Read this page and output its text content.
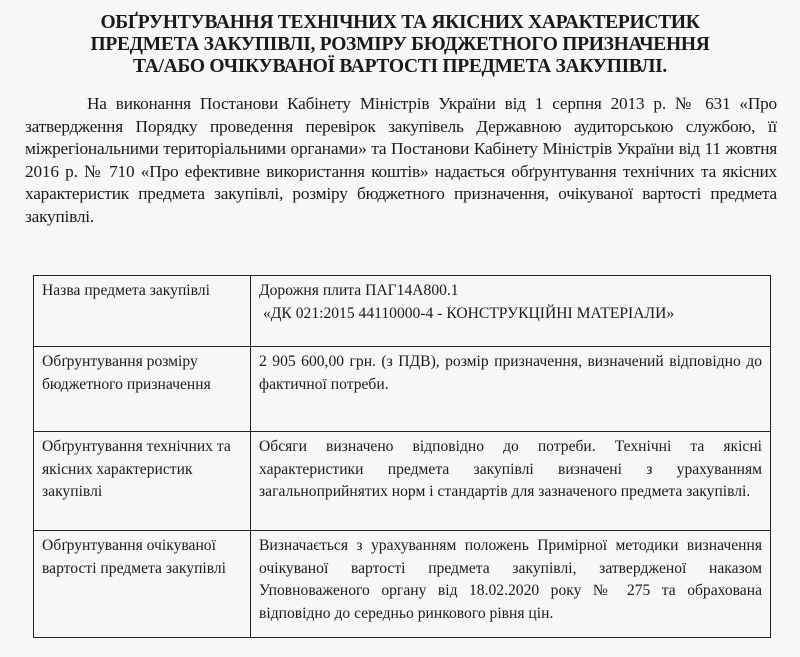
ОБҐРУНТУВАННЯ ТЕХНІЧНИХ ТА ЯКІСНИХ ХАРАКТЕРИСТИК
ПРЕДМЕТА ЗАКУПІВЛІ, РОЗМІРУ БЮДЖЕТНОГО ПРИЗНАЧЕННЯ
ТА/АБО ОЧІКУВАНОЇ ВАРТОСТІ ПРЕДМЕТА ЗАКУПІВЛІ.

На виконання Постанови Кабінету Міністрів України від 1 серпня 2013 р. № 631 «Про затвердження Порядку проведення перевірок закупівель Державною аудиторською службою, її міжрегіональними територіальними органами» та Постанови Кабінету Міністрів України від 11 жовтня 2016 р. № 710 «Про ефективне використання коштів» надається обґрунтування технічних та якісних характеристик предмета закупівлі, розміру бюджетного призначення, очікуваної вартості предмета закупівлі.

Назва предмета закупівлі	Дорожня плита ПАГ14А800.1
«ДК 021:2015 44110000-4 - КОНСТРУКЦІЙНІ МАТЕРІАЛИ»

Обґрунтування розміру бюджетного призначення	2 905 600,00 грн. (з ПДВ), розмір призначення, визначений відповідно до фактичної потреби.
Обґрунтування технічних та якісних характеристик закупівлі	Обсяги визначено відповідно до потреби. Технічні та якісні характеристики предмета закупівлі визначені з урахуванням загальноприйнятих норм і стандартів для зазначеного предмета закупівлі.
Обґрунтування очікуваної вартості предмета закупівлі	Визначається з урахуванням положень Примірної методики визначення очікуваної вартості предмета закупівлі, затвердженої наказом Уповноваженого органу від 18.02.2020 року № 275 та обрахована відповідно до середньо ринкового рівня цін.
